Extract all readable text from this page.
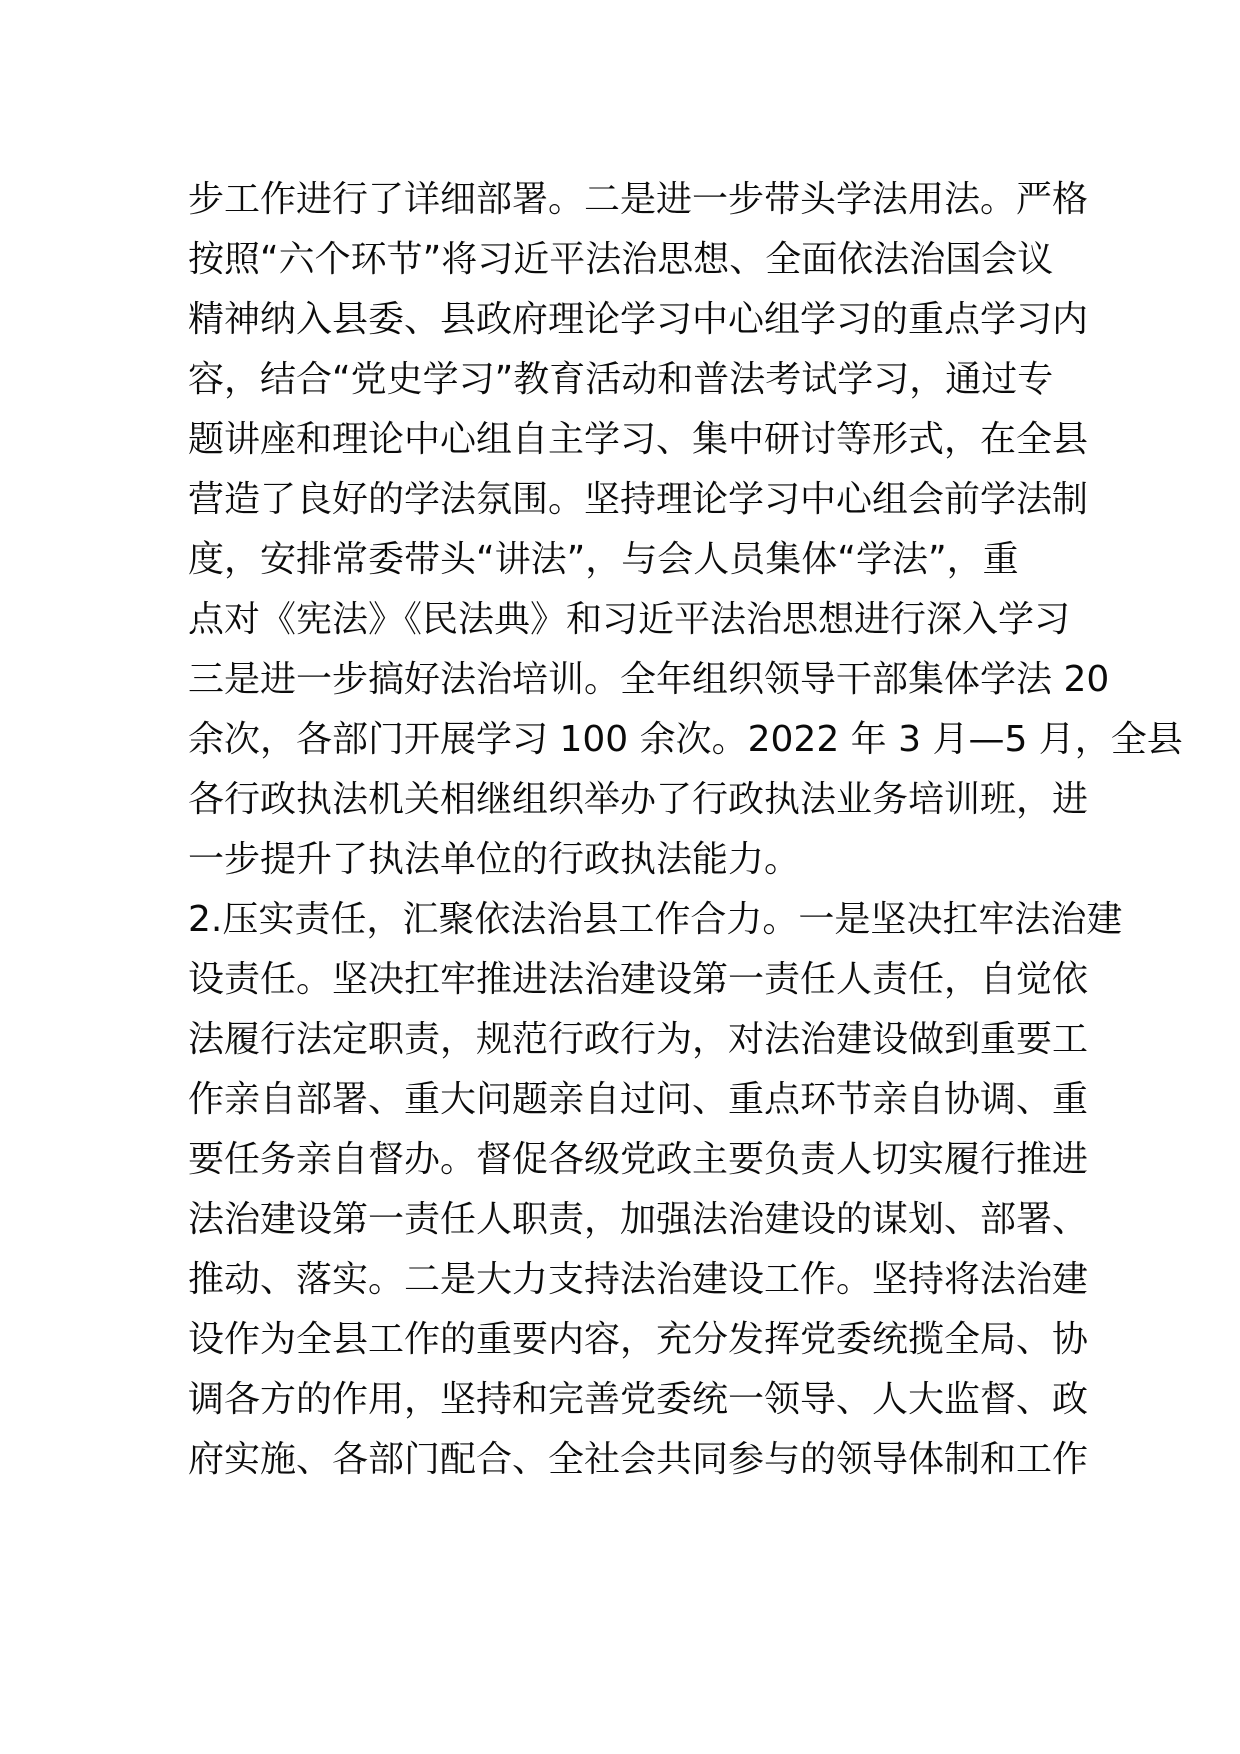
步工作进行了详细部署。二是进一步带头学法用法。严格
按照“六个环节”将习近平法治思想、全面依法治国会议
精神纳入县委、县政府理论学习中心组学习的重点学习内
容，结合“党史学习”教育活动和普法考试学习，通过专
题讲座和理论中心组自主学习、集中研讨等形式，在全县
营造了良好的学法氛围。坚持理论学习中心组会前学法制
度，安排常委带头“讲法”，与会人员集体“学法”，重
点对《宪法》《民法典》和习近平法治思想进行深入学习
三是进一步搞好法治培训。全年组织领导干部集体学法 20
余次，各部门开展学习 100 余次。2022 年 3 月—5 月，全县
各行政执法机关相继组织举办了行政执法业务培训班，进
一步提升了执法单位的行政执法能力。
2.压实责任，汇聚依法治县工作合力。一是坚决扛牢法治建
设责任。坚决扛牢推进法治建设第一责任人责任，自觉依
法履行法定职责，规范行政行为，对法治建设做到重要工
作亲自部署、重大问题亲自过问、重点环节亲自协调、重
要任务亲自督办。督促各级党政主要负责人切实履行推进
法治建设第一责任人职责，加强法治建设的谋划、部署、
推动、落实。二是大力支持法治建设工作。坚持将法治建
设作为全县工作的重要内容，充分发挥党委统揽全局、协
调各方的作用，坚持和完善党委统一领导、人大监督、政
府实施、各部门配合、全社会共同参与的领导体制和工作
